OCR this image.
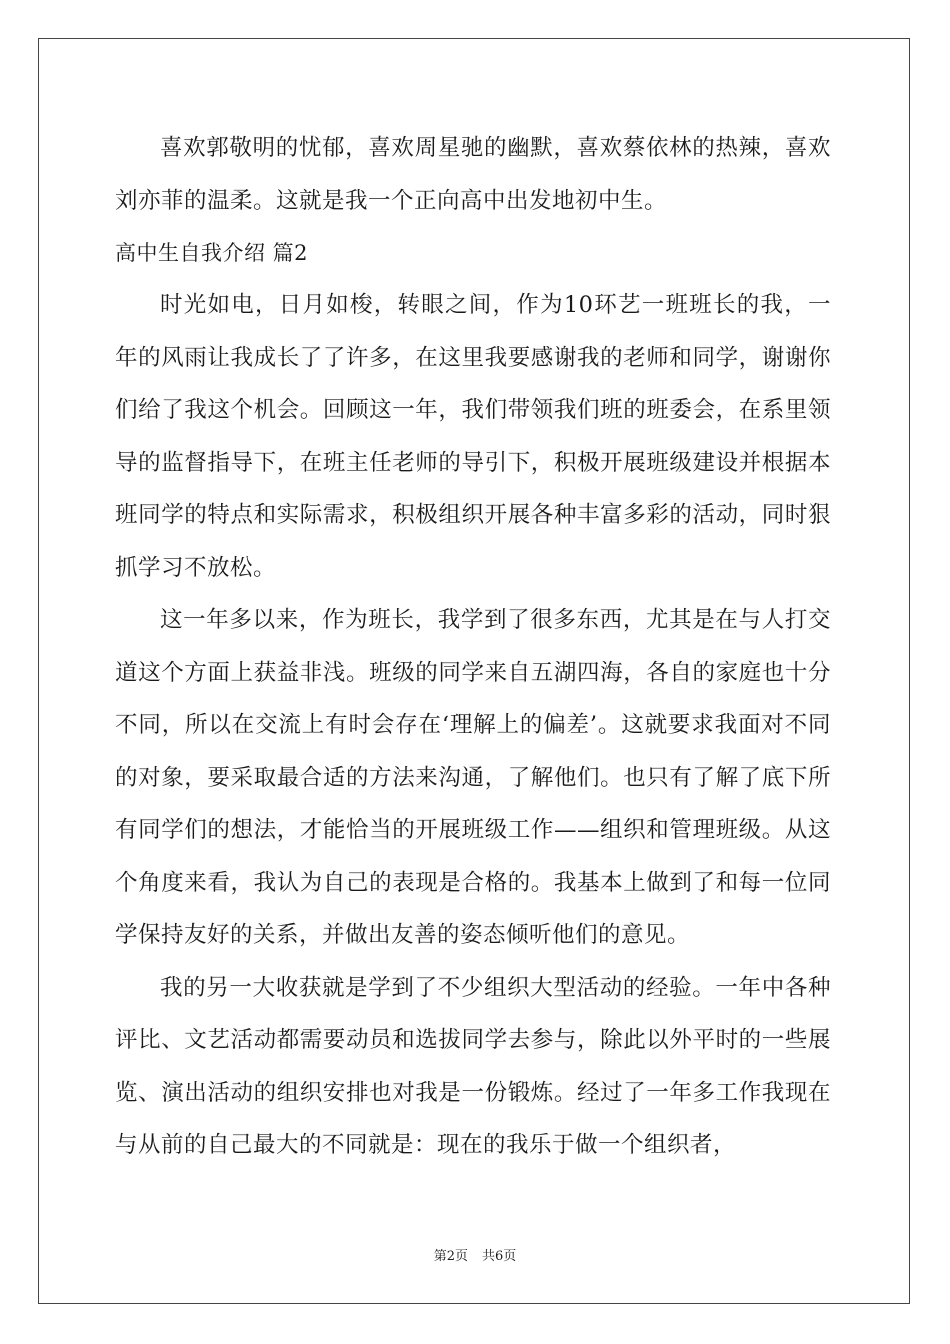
喜欢郭敬明的忧郁，喜欢周星驰的幽默，喜欢蔡依林的热辣，喜欢刘亦菲的温柔。这就是我一个正向高中出发地初中生。

高中生自我介绍 篇2

时光如电，日月如梭，转眼之间，作为10环艺一班班长的我，一年的风雨让我成长了了许多，在这里我要感谢我的老师和同学，谢谢你们给了我这个机会。回顾这一年，我们带领我们班的班委会，在系里领导的监督指导下，在班主任老师的导引下，积极开展班级建设并根据本班同学的特点和实际需求，积极组织开展各种丰富多彩的活动，同时狠抓学习不放松。

这一年多以来，作为班长，我学到了很多东西，尤其是在与人打交道这个方面上获益非浅。班级的同学来自五湖四海，各自的家庭也十分不同，所以在交流上有时会存在‘理解上的偏差’。这就要求我面对不同的对象，要采取最合适的方法来沟通，了解他们。也只有了解了底下所有同学们的想法，才能恰当的开展班级工作——组织和管理班级。从这个角度来看，我认为自己的表现是合格的。我基本上做到了和每一位同学保持友好的关系，并做出友善的姿态倾听他们的意见。

我的另一大收获就是学到了不少组织大型活动的经验。一年中各种评比、文艺活动都需要动员和选拔同学去参与，除此以外平时的一些展览、演出活动的组织安排也对我是一份锻炼。经过了一年多工作我现在与从前的自己最大的不同就是：现在的我乐于做一个组织者，

第2页 共6页
